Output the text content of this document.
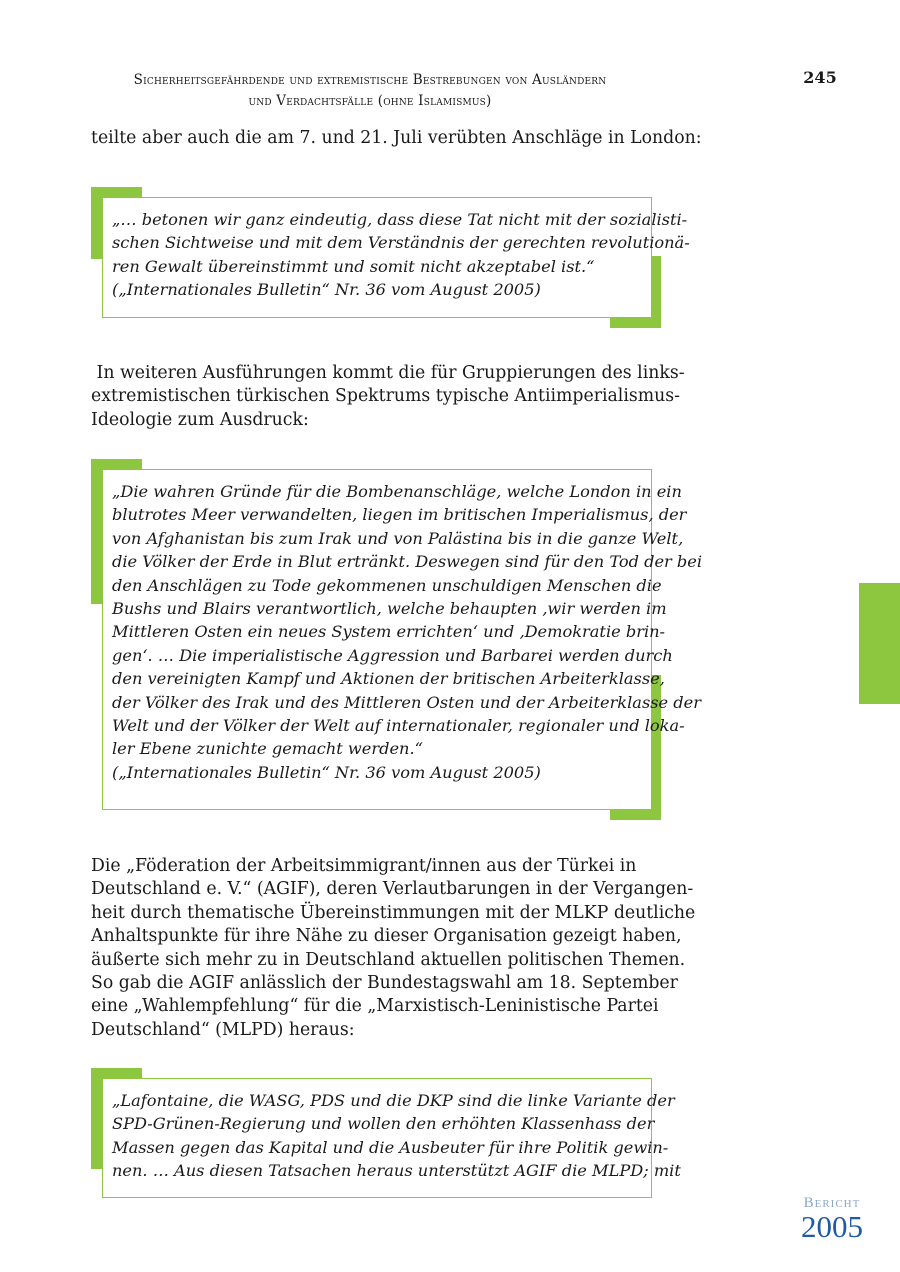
Sicherheitsgefährdende und extremistische Bestrebungen von Ausländern
und Verdachtsfälle (ohne Islamismus)
245
teilte aber auch die am 7. und 21. Juli verübten Anschläge in London:
„… betonen wir ganz eindeutig, dass diese Tat nicht mit der sozialisti-
schen Sichtweise und mit dem Verständnis der gerechten revolutionä-
ren Gewalt übereinstimmt und somit nicht akzeptabel ist.“
(„Internationales Bulletin“ Nr. 36 vom August 2005)
In weiteren Ausführungen kommt die für Gruppierungen des links-
extremistischen türkischen Spektrums typische Antiimperialismus-
Ideologie zum Ausdruck:
„Die wahren Gründe für die Bombenanschläge, welche London in ein
blutrotes Meer verwandelten, liegen im britischen Imperialismus, der
von Afghanistan bis zum Irak und von Palästina bis in die ganze Welt,
die Völker der Erde in Blut ertränkt. Deswegen sind für den Tod der bei
den Anschlägen zu Tode gekommenen unschuldigen Menschen die
Bushs und Blairs verantwortlich, welche behaupten ‚wir werden im
Mittleren Osten ein neues System errichten‘ und ‚Demokratie brin-
gen‘. … Die imperialistische Aggression und Barbarei werden durch
den vereinigten Kampf und Aktionen der britischen Arbeiterklasse,
der Völker des Irak und des Mittleren Osten und der Arbeiterklasse der
Welt und der Völker der Welt auf internationaler, regionaler und loka-
ler Ebene zunichte gemacht werden.“
(„Internationales Bulletin“ Nr. 36 vom August 2005)
Die „Föderation der Arbeitsimmigrant/innen aus der Türkei in
Deutschland e. V.“ (AGIF), deren Verlautbarungen in der Vergangen-
heit durch thematische Übereinstimmungen mit der MLKP deutliche
Anhaltspunkte für ihre Nähe zu dieser Organisation gezeigt haben,
äußerte sich mehr zu in Deutschland aktuellen politischen Themen.
So gab die AGIF anlässlich der Bundestagswahl am 18. September
eine „Wahlempfehlung“ für die „Marxistisch-Leninistische Partei
Deutschland“ (MLPD) heraus:
„Lafontaine, die WASG, PDS und die DKP sind die linke Variante der
SPD-Grünen-Regierung und wollen den erhöhten Klassenhass der
Massen gegen das Kapital und die Ausbeuter für ihre Politik gewin-
nen. … Aus diesen Tatsachen heraus unterstützt AGIF die MLPD; mit
Bericht
2005
